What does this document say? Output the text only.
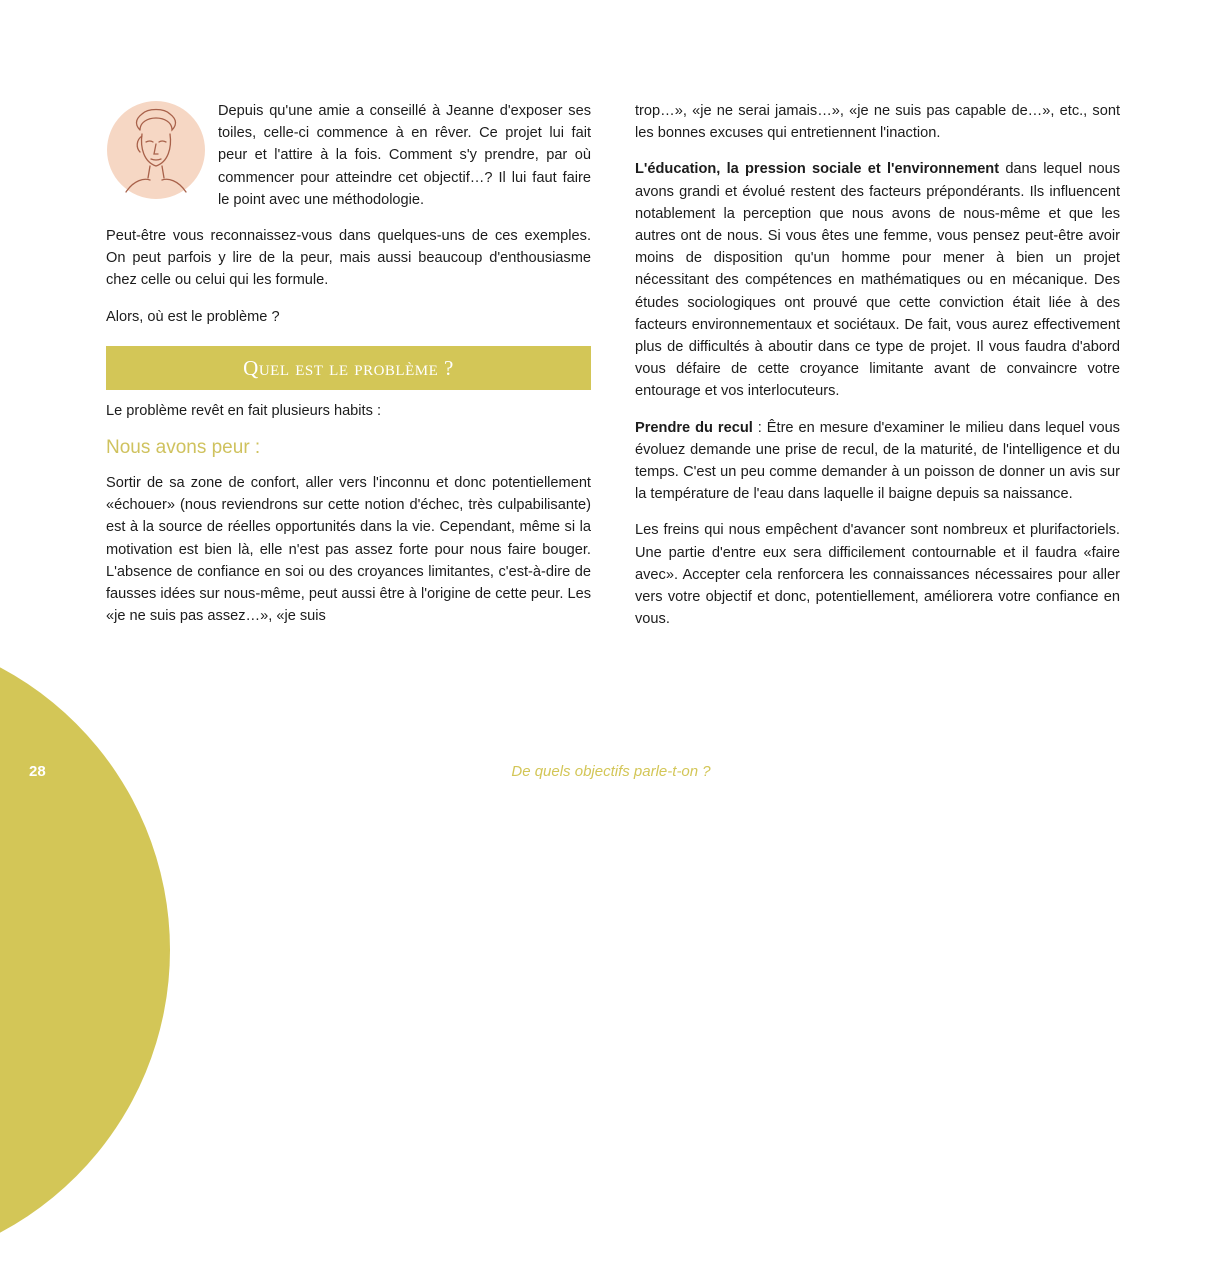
Depuis qu'une amie a conseillé à Jeanne d'exposer ses toiles, celle-ci commence à en rêver. Ce projet lui fait peur et l'attire à la fois. Comment s'y prendre, par où commencer pour atteindre cet objectif…? Il lui faut faire le point avec une méthodologie.

Peut-être vous reconnaissez-vous dans quelques-uns de ces exemples. On peut parfois y lire de la peur, mais aussi beaucoup d'enthousiasme chez celle ou celui qui les formule.

Alors, où est le problème ?

Quel est le problème ?

Le problème revêt en fait plusieurs habits :

Nous avons peur :

Sortir de sa zone de confort, aller vers l'inconnu et donc potentiellement «échouer» (nous reviendrons sur cette notion d'échec, très culpabilisante) est à la source de réelles opportunités dans la vie. Cependant, même si la motivation est bien là, elle n'est pas assez forte pour nous faire bouger. L'absence de confiance en soi ou des croyances limitantes, c'est-à-dire de fausses idées sur nous-même, peut aussi être à l'origine de cette peur. Les «je ne suis pas assez…», «je suis

trop…», «je ne serai jamais…», «je ne suis pas capable de…», etc., sont les bonnes excuses qui entretiennent l'inaction.

L'éducation, la pression sociale et l'environnement dans lequel nous avons grandi et évolué restent des facteurs prépondérants. Ils influencent notablement la perception que nous avons de nous-même et que les autres ont de nous. Si vous êtes une femme, vous pensez peut-être avoir moins de disposition qu'un homme pour mener à bien un projet nécessitant des compétences en mathématiques ou en mécanique. Des études sociologiques ont prouvé que cette conviction était liée à des facteurs environnementaux et sociétaux. De fait, vous aurez effectivement plus de difficultés à aboutir dans ce type de projet. Il vous faudra d'abord vous défaire de cette croyance limitante avant de convaincre votre entourage et vos interlocuteurs.

Prendre du recul : Être en mesure d'examiner le milieu dans lequel vous évoluez demande une prise de recul, de la maturité, de l'intelligence et du temps. C'est un peu comme demander à un poisson de donner un avis sur la température de l'eau dans laquelle il baigne depuis sa naissance.

Les freins qui nous empêchent d'avancer sont nombreux et plurifactoriels. Une partie d'entre eux sera difficilement contournable et il faudra «faire avec». Accepter cela renforcera les connaissances nécessaires pour aller vers votre objectif et donc, potentiellement, améliorera votre confiance en vous.

28	De quels objectifs parle-t-on ?
